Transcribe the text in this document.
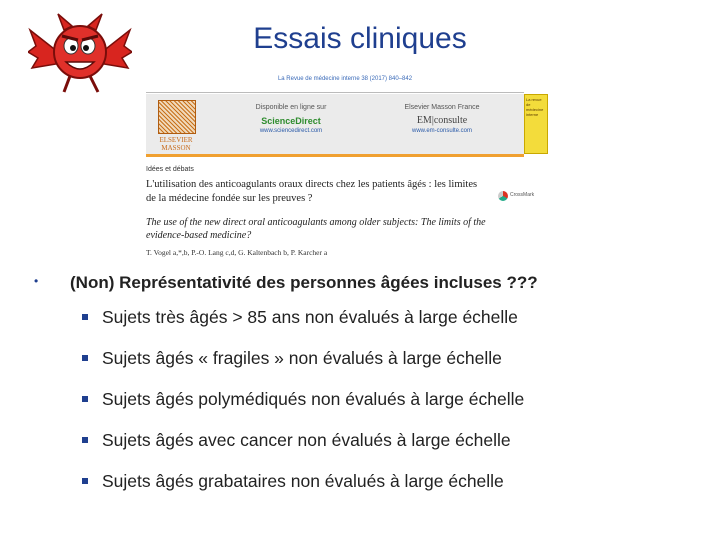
Essais cliniques
La Revue de médecine interne 38 (2017) 840–842
ELSEVIER MASSON
Disponible en ligne sur
ScienceDirect
www.sciencedirect.com
Elsevier Masson France
EM|consulte
www.em-consulte.com
La revue de médecine interne
Idées et débats
L'utilisation des anticoagulants oraux directs chez les patients âgés : les limites de la médecine fondée sur les preuves ?
The use of the new direct oral anticoagulants among older subjects: The limits of the evidence-based medicine?
T. Vogel a,*,b, P.-O. Lang c,d, G. Kaltenbach b, P. Karcher a
CrossMark
• (Non) Représentativité des personnes âgées incluses ???
Sujets très âgés > 85 ans non évalués à large échelle
Sujets âgés « fragiles » non évalués à large échelle
Sujets âgés polymédiqués non évalués à large échelle
Sujets âgés avec cancer non évalués à large échelle
Sujets âgés grabataires non évalués à large échelle
